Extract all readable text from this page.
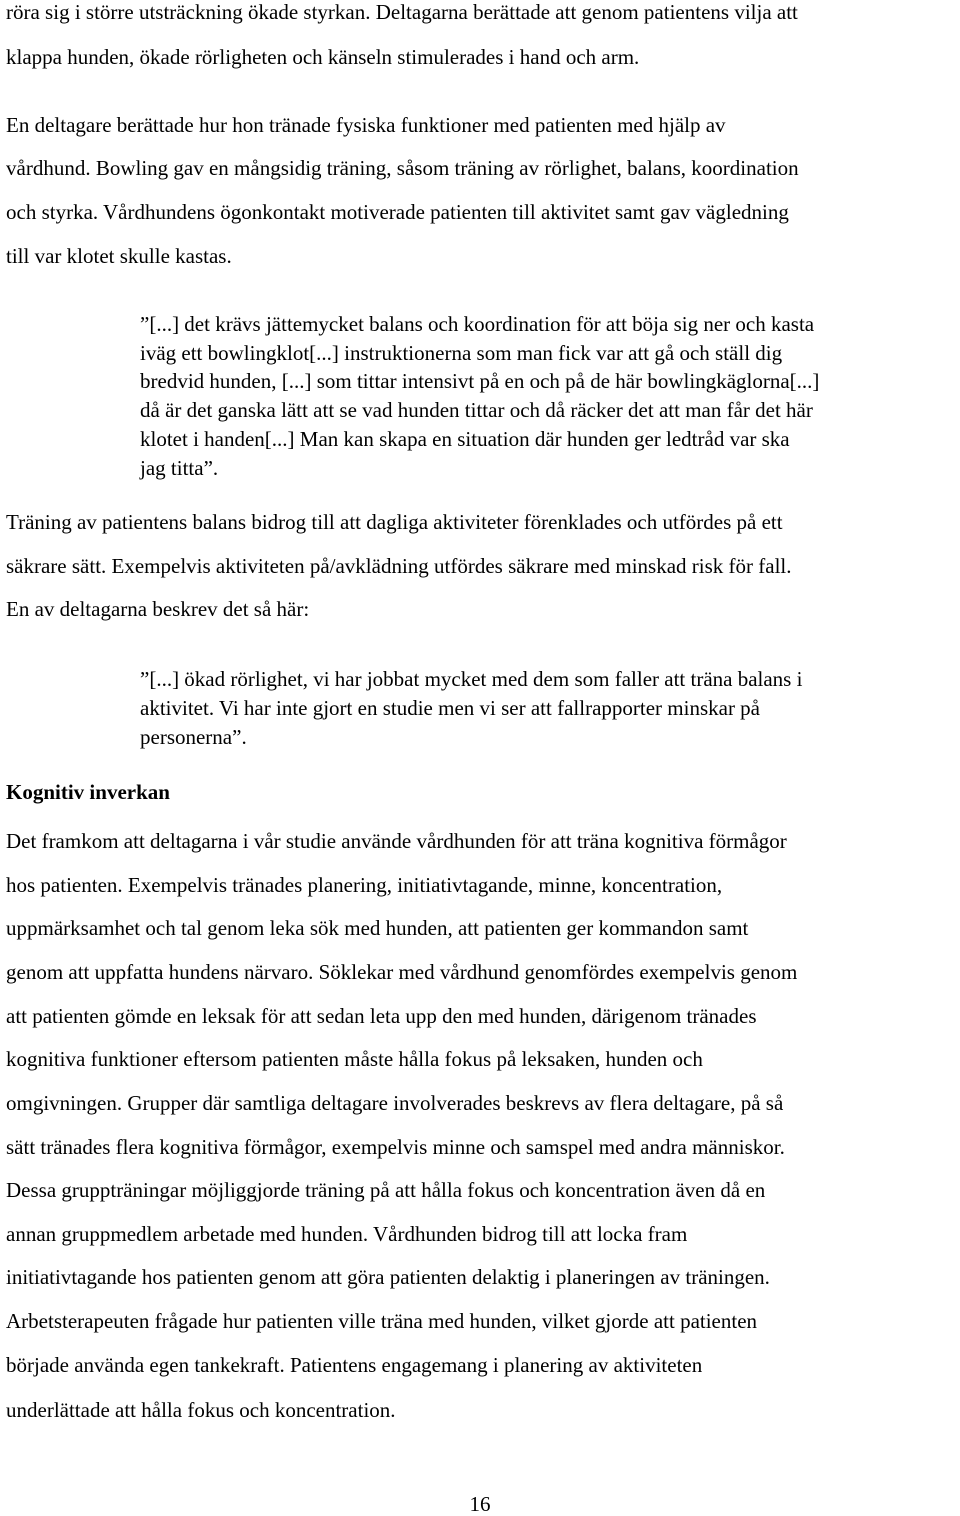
röra sig i större utsträckning ökade styrkan. Deltagarna berättade att genom patientens vilja att
klappa hunden, ökade rörligheten och känseln stimulerades i hand och arm.
En deltagare berättade hur hon tränade fysiska funktioner med patienten med hjälp av
vårdhund. Bowling gav en mångsidig träning, såsom träning av rörlighet, balans, koordination
och styrka. Vårdhundens ögonkontakt motiverade patienten till aktivitet samt gav vägledning
till var klotet skulle kastas.
”[...] det krävs jättemycket balans och koordination för att böja sig ner och kasta
iväg ett bowlingklot[...] instruktionerna som man fick var att gå och ställ dig
bredvid hunden, [...] som tittar intensivt på en och på de här bowlingkäglorna[...]
då är det ganska lätt att se vad hunden tittar och då räcker det att man får det här
klotet i handen[...] Man kan skapa en situation där hunden ger ledtråd var ska
jag titta”.
Träning av patientens balans bidrog till att dagliga aktiviteter förenklades och utfördes på ett
säkrare sätt. Exempelvis aktiviteten på/avklädning utfördes säkrare med minskad risk för fall.
En av deltagarna beskrev det så här:
”[...] ökad rörlighet, vi har jobbat mycket med dem som faller att träna balans i
aktivitet. Vi har inte gjort en studie men vi ser att fallrapporter minskar på
personerna”.
Kognitiv inverkan
Det framkom att deltagarna i vår studie använde vårdhunden för att träna kognitiva förmågor
hos patienten. Exempelvis tränades planering, initiativtagande, minne, koncentration,
uppmärksamhet och tal genom leka sök med hunden, att patienten ger kommandon samt
genom att uppfatta hundens närvaro. Söklekar med vårdhund genomfördes exempelvis genom
att patienten gömde en leksak för att sedan leta upp den med hunden, därigenom tränades
kognitiva funktioner eftersom patienten måste hålla fokus på leksaken, hunden och
omgivningen. Grupper där samtliga deltagare involverades beskrevs av flera deltagare, på så
sätt tränades flera kognitiva förmågor, exempelvis minne och samspel med andra människor.
Dessa gruppträningar möjliggjorde träning på att hålla fokus och koncentration även då en
annan gruppmedlem arbetade med hunden. Vårdhunden bidrog till att locka fram
initiativtagande hos patienten genom att göra patienten delaktig i planeringen av träningen.
Arbetsterapeuten frågade hur patienten ville träna med hunden, vilket gjorde att patienten
började använda egen tankekraft. Patientens engagemang i planering av aktiviteten
underlättade att hålla fokus och koncentration.
16
